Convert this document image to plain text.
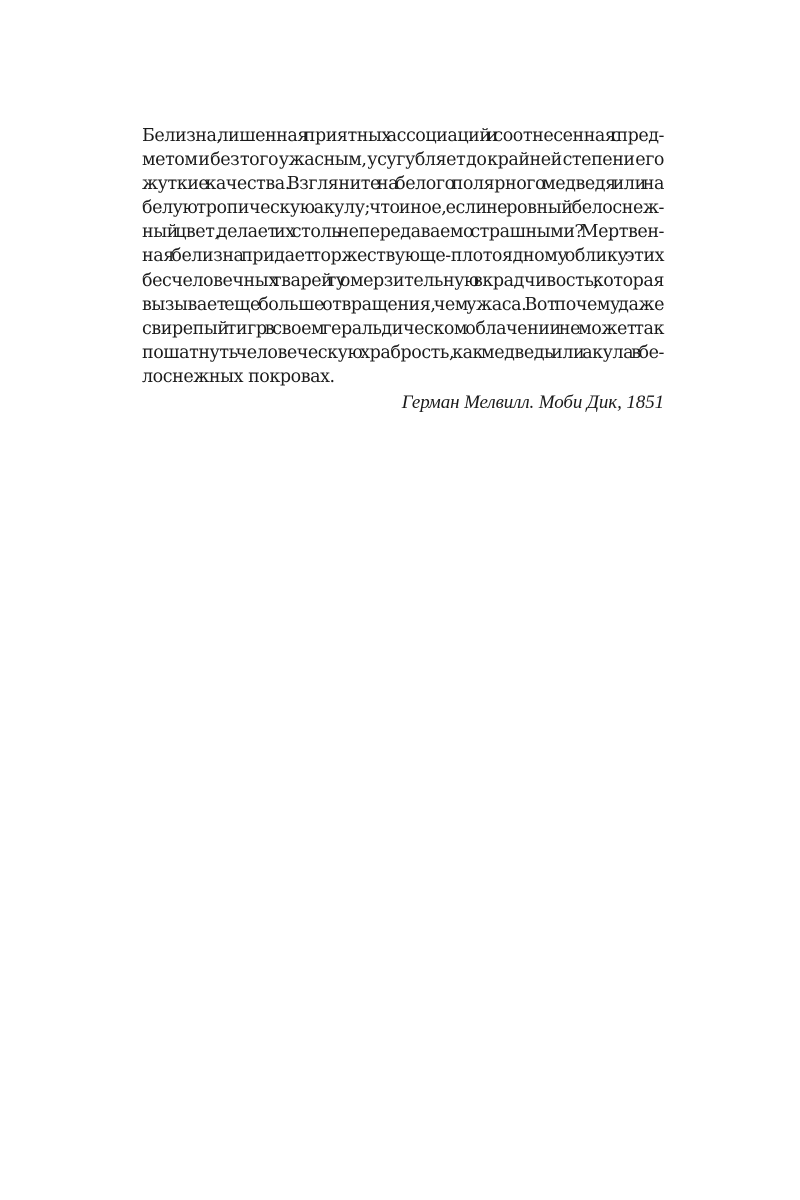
Белизна, лишенная приятных ассоциаций и соотнесенная с пред-
метом и без того ужасным, усугубляет до крайней степени его
жуткие качества. Взгляните на белого полярного медведя или на
белую тропическую акулу; что иное, если не ровный белоснеж-
ный цвет, делает их столь непередаваемо страшными? Мертвен-
ная белизна придает торжествующе-плотоядному облику этих
бесчеловечных тварей ту омерзительную вкрадчивость, которая
вызывает еще больше отвращения, чем ужаса. Вот почему даже
свирепый тигр в своем геральдическом облачении не может так
пошатнуть человеческую храбрость, как медведь или акула в бе-
лоснежных покровах.
Герман Мелвилл. Моби Дик, 1851
